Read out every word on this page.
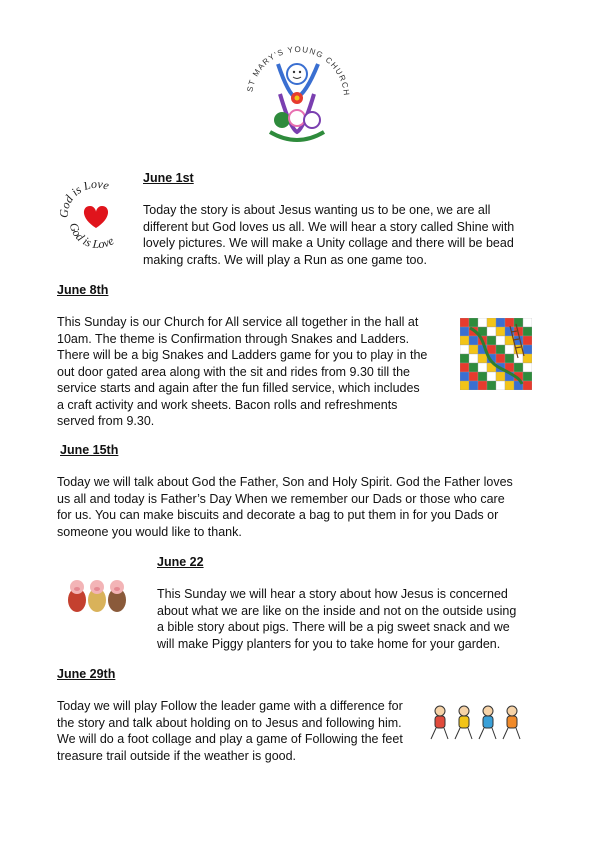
ST MARY'S YOUNG CHURCH
June 1st
d is Love
God is Love
Today the story is about Jesus wanting us to be one, we are all
different but God loves us all. We will hear a story called Shine with
lovely pictures. We will make a Unity collage and there will be bead
making crafts. We will play a Run as one game too.
June 8th
This Sunday is our Church for All service all together in the hall at
10am. The theme is Confirmation through Snakes and Ladders.
There will be a big Snakes and Ladders game for you to play in the
out door gated area along with the sit and rides from 9.30 till the
service starts and again after the fun filled service, which includes
a craft activity and work sheets. Bacon rolls and refreshments
served from 9.30.
June 15th
Today we will talk about God the Father, Son and Holy Spirit. God the Father loves
us all and today is Father’s Day When we remember our Dads or those who care
for us. You can make biscuits and decorate a bag to put them in for you Dads or
someone you would like to thank.
June 22
This Sunday we will hear a story about how Jesus is concerned
about what we are like on the inside and not on the outside using
a bible story about pigs. There will be a pig sweet snack and we
will make Piggy planters for you to take home for your garden.
June 29th
Today we will play Follow the leader game with a difference for
the story and talk about holding on to Jesus and following him.
We will do a foot collage and play a game of Following the feet
treasure trail outside if the weather is good.
